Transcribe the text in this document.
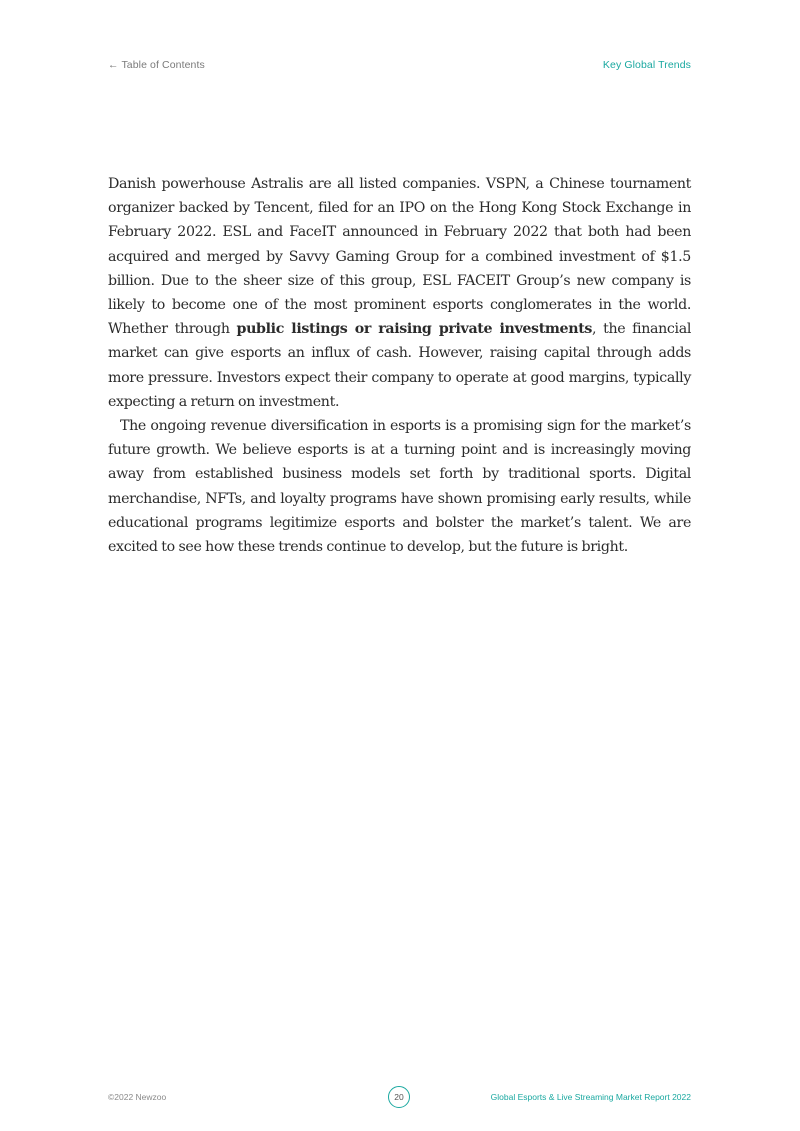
← Table of Contents	Key Global Trends

Danish powerhouse Astralis are all listed companies. VSPN, a Chinese tournament organizer backed by Tencent, filed for an IPO on the Hong Kong Stock Exchange in February 2022. ESL and FaceIT announced in February 2022 that both had been acquired and merged by Savvy Gaming Group for a combined investment of $1.5 billion. Due to the sheer size of this group, ESL FACEIT Group’s new company is likely to become one of the most prominent esports conglomerates in the world. Whether through public listings or raising private investments, the financial market can give esports an influx of cash. However, raising capital through adds more pressure. Investors expect their company to operate at good margins, typically expecting a return on investment.

The ongoing revenue diversification in esports is a promising sign for the market’s future growth. We believe esports is at a turning point and is increasingly moving away from established business models set forth by traditional sports. Digital merchandise, NFTs, and loyalty programs have shown promising early results, while educational programs legitimize esports and bolster the market’s talent. We are excited to see how these trends continue to develop, but the future is bright.

©2022 Newzoo	20	Global Esports & Live Streaming Market Report 2022
